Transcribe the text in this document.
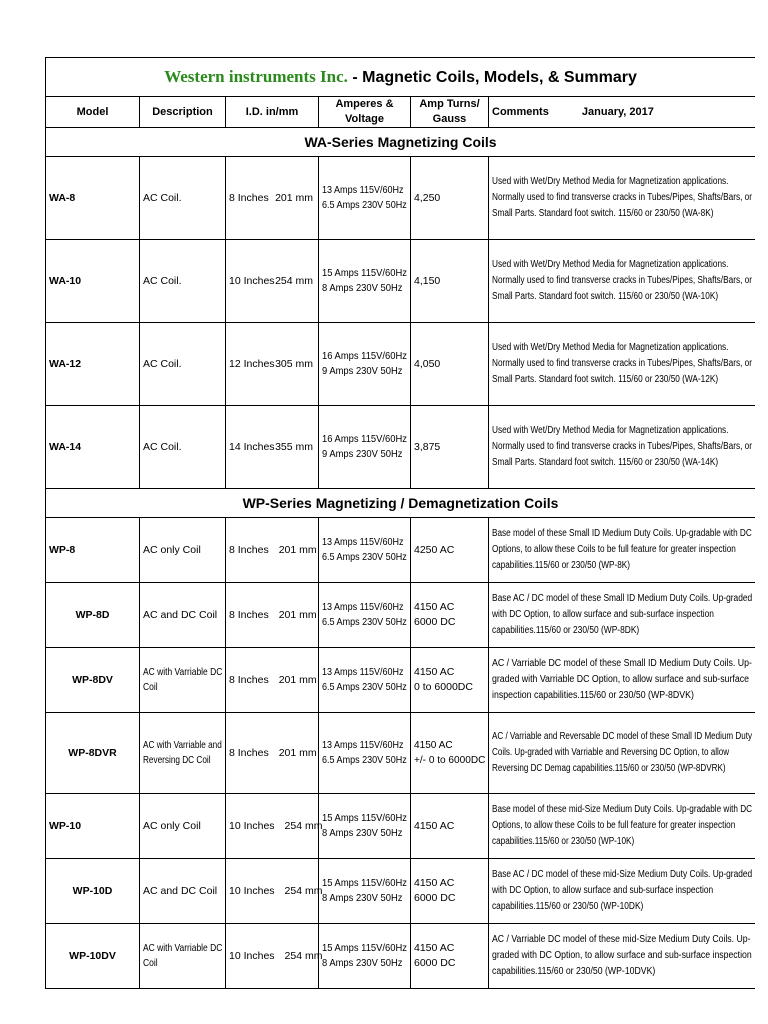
Western instruments Inc. - Magnetic Coils, Models, & Summary					
Model	Description	I.D. in/mm	Amperes & Voltage	Amp Turns/ Gauss	Comments January, 2017
WA-Series Magnetizing Coils					
WA-8	AC Coil.	8 Inches 201 mm	13 Amps 115V/60Hz
6.5 Amps 230V 50Hz	4,250	Used with Wet/Dry Method Media for Magnetization applications.
Normally used to find transverse cracks in Tubes/Pipes, Shafts/Bars, or
Small Parts. Standard foot switch. 115/60 or 230/50 (WA-8K)

WA-10	AC Coil.	10 Inches 254 mm	15 Amps 115V/60Hz
8 Amps 230V 50Hz	4,150	Used with Wet/Dry Method Media for Magnetization applications.
Normally used to find transverse cracks in Tubes/Pipes, Shafts/Bars, or
Small Parts. Standard foot switch. 115/60 or 230/50 (WA-10K)

WA-12	AC Coil.	12 Inches 305 mm	16 Amps 115V/60Hz
9 Amps 230V 50Hz	4,050	Used with Wet/Dry Method Media for Magnetization applications.
Normally used to find transverse cracks in Tubes/Pipes, Shafts/Bars, or
Small Parts. Standard foot switch. 115/60 or 230/50 (WA-12K)

WA-14	AC Coil.	14 Inches 355 mm	16 Amps 115V/60Hz
9 Amps 230V 50Hz	3,875	Used with Wet/Dry Method Media for Magnetization applications.
Normally used to find transverse cracks in Tubes/Pipes, Shafts/Bars, or
Small Parts. Standard foot switch. 115/60 or 230/50 (WA-14K)

WP-Series Magnetizing / Demagnetization Coils					
WP-8	AC only Coil	8 Inches 201 mm	13 Amps 115V/60Hz
6.5 Amps 230V 50Hz	4250 AC	Base model of these Small ID Medium Duty Coils. Up-gradable with DC
Options, to allow these Coils to be full feature for greater inspection
capabilities.115/60 or 230/50 (WP-8K)

WP-8D	AC and DC Coil	8 Inches 201 mm	13 Amps 115V/60Hz
6.5 Amps 230V 50Hz	4150 AC
6000 DC	Base AC / DC model of these Small ID Medium Duty Coils. Up-graded
with DC Option, to allow surface and sub-surface inspection
capabilities.115/60 or 230/50 (WP-8DK)

WP-8DV	AC with Varriable DC
Coil	8 Inches 201 mm	13 Amps 115V/60Hz
6.5 Amps 230V 50Hz	4150 AC
0 to 6000DC	AC / Varriable DC model of these Small ID Medium Duty Coils. Up-
graded with Varriable DC Option, to allow surface and sub-surface
inspection capabilities.115/60 or 230/50 (WP-8DVK)

WP-8DVR	AC with Varriable and
Reversing DC Coil	8 Inches 201 mm	13 Amps 115V/60Hz
6.5 Amps 230V 50Hz	4150 AC
+/- 0 to 6000DC	AC / Varriable and Reversable DC model of these Small ID Medium Duty
Coils. Up-graded with Varriable and Reversing DC Option, to allow
Reversing DC Demag capabilities.115/60 or 230/50 (WP-8DVRK)

WP-10	AC only Coil	10 Inches 254 mm	15 Amps 115V/60Hz
8 Amps 230V 50Hz	4150 AC	Base model of these mid-Size Medium Duty Coils. Up-gradable with DC
Options, to allow these Coils to be full feature for greater inspection
capabilities.115/60 or 230/50 (WP-10K)

WP-10D	AC and DC Coil	10 Inches 254 mm	15 Amps 115V/60Hz
8 Amps 230V 50Hz	4150 AC
6000 DC	Base AC / DC model of these mid-Size Medium Duty Coils. Up-graded
with DC Option, to allow surface and sub-surface inspection
capabilities.115/60 or 230/50 (WP-10DK)

WP-10DV	AC with Varriable DC
Coil	10 Inches 254 mm	15 Amps 115V/60Hz
8 Amps 230V 50Hz	4150 AC
6000 DC	AC / Varriable DC model of these mid-Size Medium Duty Coils. Up-
graded with DC Option, to allow surface and sub-surface inspection
capabilities.115/60 or 230/50 (WP-10DVK)
